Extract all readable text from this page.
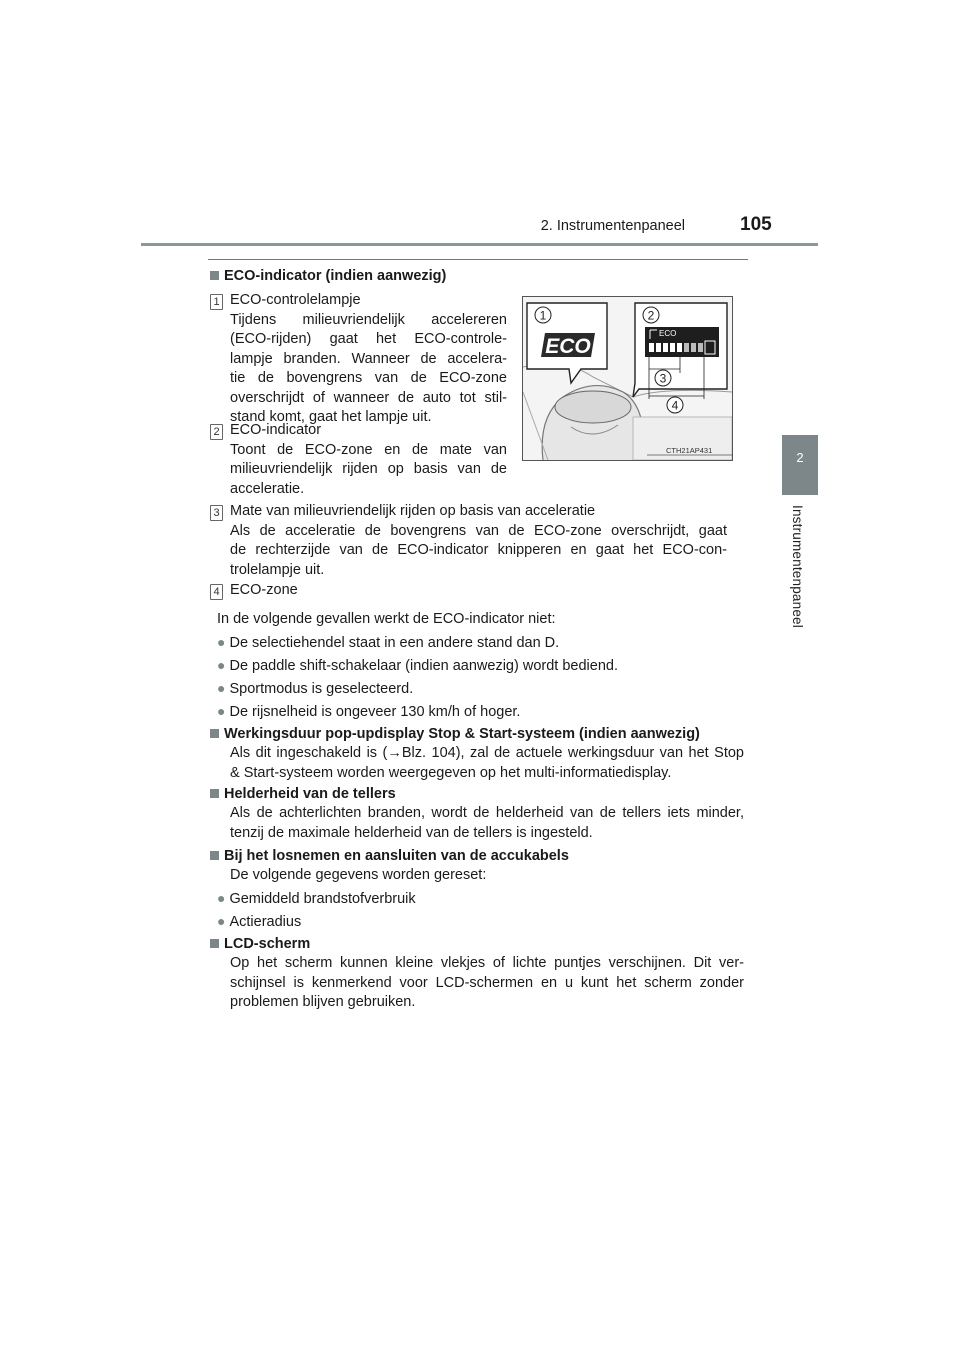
2. Instrumentenpaneel	105
2
Instrumentenpaneel
ECO-indicator (indien aanwezig)
1 ECO-controlelampje
Tijdens milieuvriendelijk accelereren
(ECO-rijden) gaat het ECO-controle-
lampje branden. Wanneer de accelera-
tie de bovengrens van de ECO-zone
overschrijdt of wanneer de auto tot stil-
stand komt, gaat het lampje uit.
2 ECO-indicator
Toont de ECO-zone en de mate van
milieuvriendelijk rijden op basis van de
acceleratie.
1
ECO
2
ECO
3
4
CTH21AP431
3 Mate van milieuvriendelijk rijden op basis van acceleratie
Als de acceleratie de bovengrens van de ECO-zone overschrijdt, gaat
de rechterzijde van de ECO-indicator knipperen en gaat het ECO-con-
trolelampje uit.
4 ECO-zone
In de volgende gevallen werkt de ECO-indicator niet:
● De selectiehendel staat in een andere stand dan D.
● De paddle shift-schakelaar (indien aanwezig) wordt bediend.
● Sportmodus is geselecteerd.
● De rijsnelheid is ongeveer 130 km/h of hoger.
Werkingsduur pop-updisplay Stop & Start-systeem (indien aanwezig)
Als dit ingeschakeld is (→Blz. 104), zal de actuele werkingsduur van het Stop
& Start-systeem worden weergegeven op het multi-informatiedisplay.
Helderheid van de tellers
Als de achterlichten branden, wordt de helderheid van de tellers iets minder,
tenzij de maximale helderheid van de tellers is ingesteld.
Bij het losnemen en aansluiten van de accukabels
De volgende gegevens worden gereset:
● Gemiddeld brandstofverbruik
● Actieradius
LCD-scherm
Op het scherm kunnen kleine vlekjes of lichte puntjes verschijnen. Dit ver-
schijnsel is kenmerkend voor LCD-schermen en u kunt het scherm zonder
problemen blijven gebruiken.
